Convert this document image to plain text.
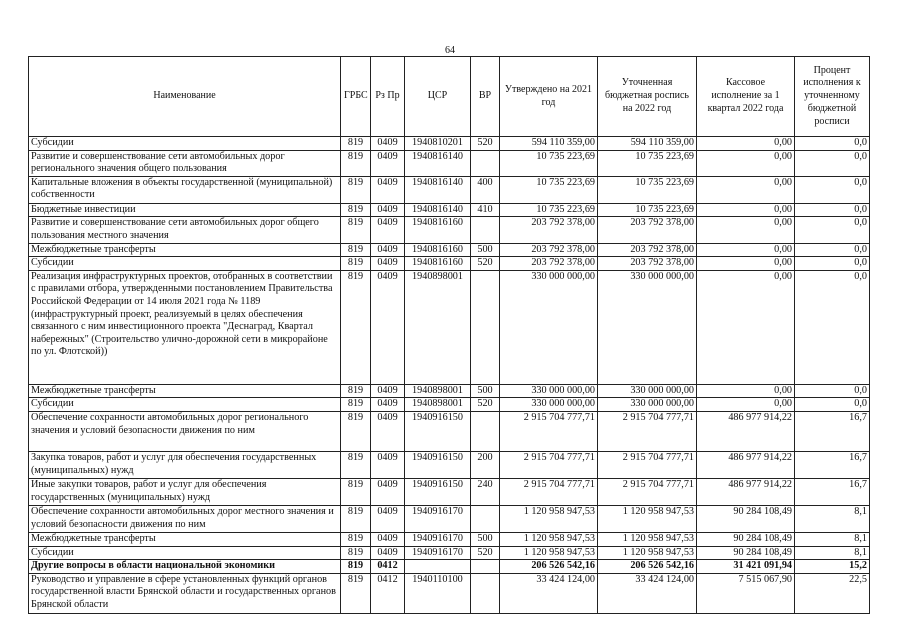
64
Наименование	ГРБС	Рз Пр	ЦСР	ВР	Утверждено на 2021 год	Уточненная бюджетная роспись на 2022 год	Кассовое исполнение за 1 квартал 2022 года	Процент исполнения к уточненному бюджетной росписи
Субсидии	819	0409	1940810201	520	594 110 359,00	594 110 359,00	0,00	0,0
Развитие и совершенствование сети автомобильных дорог регионального значения общего пользования	819	0409	1940816140		10 735 223,69	10 735 223,69	0,00	0,0
Капитальные вложения в объекты государственной (муниципальной) собственности	819	0409	1940816140	400	10 735 223,69	10 735 223,69	0,00	0,0
Бюджетные инвестиции	819	0409	1940816140	410	10 735 223,69	10 735 223,69	0,00	0,0
Развитие и совершенствование сети автомобильных дорог общего пользования местного значения	819	0409	1940816160		203 792 378,00	203 792 378,00	0,00	0,0
Межбюджетные трансферты	819	0409	1940816160	500	203 792 378,00	203 792 378,00	0,00	0,0
Субсидии	819	0409	1940816160	520	203 792 378,00	203 792 378,00	0,00	0,0
Реализация инфраструктурных проектов, отобранных в соответствии с правилами отбора, утвержденными постановлением Правительства Российской Федерации от 14 июля 2021 года № 1189 (инфраструктурный проект, реализуемый в целях обеспечения связанного с ним инвестиционного проекта "Деснаград, Квартал набережных" (Строительство улично-дорожной сети в микрорайоне по ул. Флотской))	819	0409	1940898001		330 000 000,00	330 000 000,00	0,00	0,0
Межбюджетные трансферты	819	0409	1940898001	500	330 000 000,00	330 000 000,00	0,00	0,0
Субсидии	819	0409	1940898001	520	330 000 000,00	330 000 000,00	0,00	0,0
Обеспечение сохранности автомобильных дорог регионального значения и условий безопасности движения по ним	819	0409	1940916150		2 915 704 777,71	2 915 704 777,71	486 977 914,22	16,7
Закупка товаров, работ и услуг для обеспечения государственных (муниципальных) нужд	819	0409	1940916150	200	2 915 704 777,71	2 915 704 777,71	486 977 914,22	16,7
Иные закупки товаров, работ и услуг для обеспечения государственных (муниципальных) нужд	819	0409	1940916150	240	2 915 704 777,71	2 915 704 777,71	486 977 914,22	16,7
Обеспечение сохранности автомобильных дорог местного значения и условий безопасности движения по ним	819	0409	1940916170		1 120 958 947,53	1 120 958 947,53	90 284 108,49	8,1
Межбюджетные трансферты	819	0409	1940916170	500	1 120 958 947,53	1 120 958 947,53	90 284 108,49	8,1
Субсидии	819	0409	1940916170	520	1 120 958 947,53	1 120 958 947,53	90 284 108,49	8,1
Другие вопросы в области национальной экономики	819	0412			206 526 542,16	206 526 542,16	31 421 091,94	15,2
Руководство и управление в сфере установленных функций органов государственной власти Брянской области и государственных органов Брянской области	819	0412	1940110100		33 424 124,00	33 424 124,00	7 515 067,90	22,5
